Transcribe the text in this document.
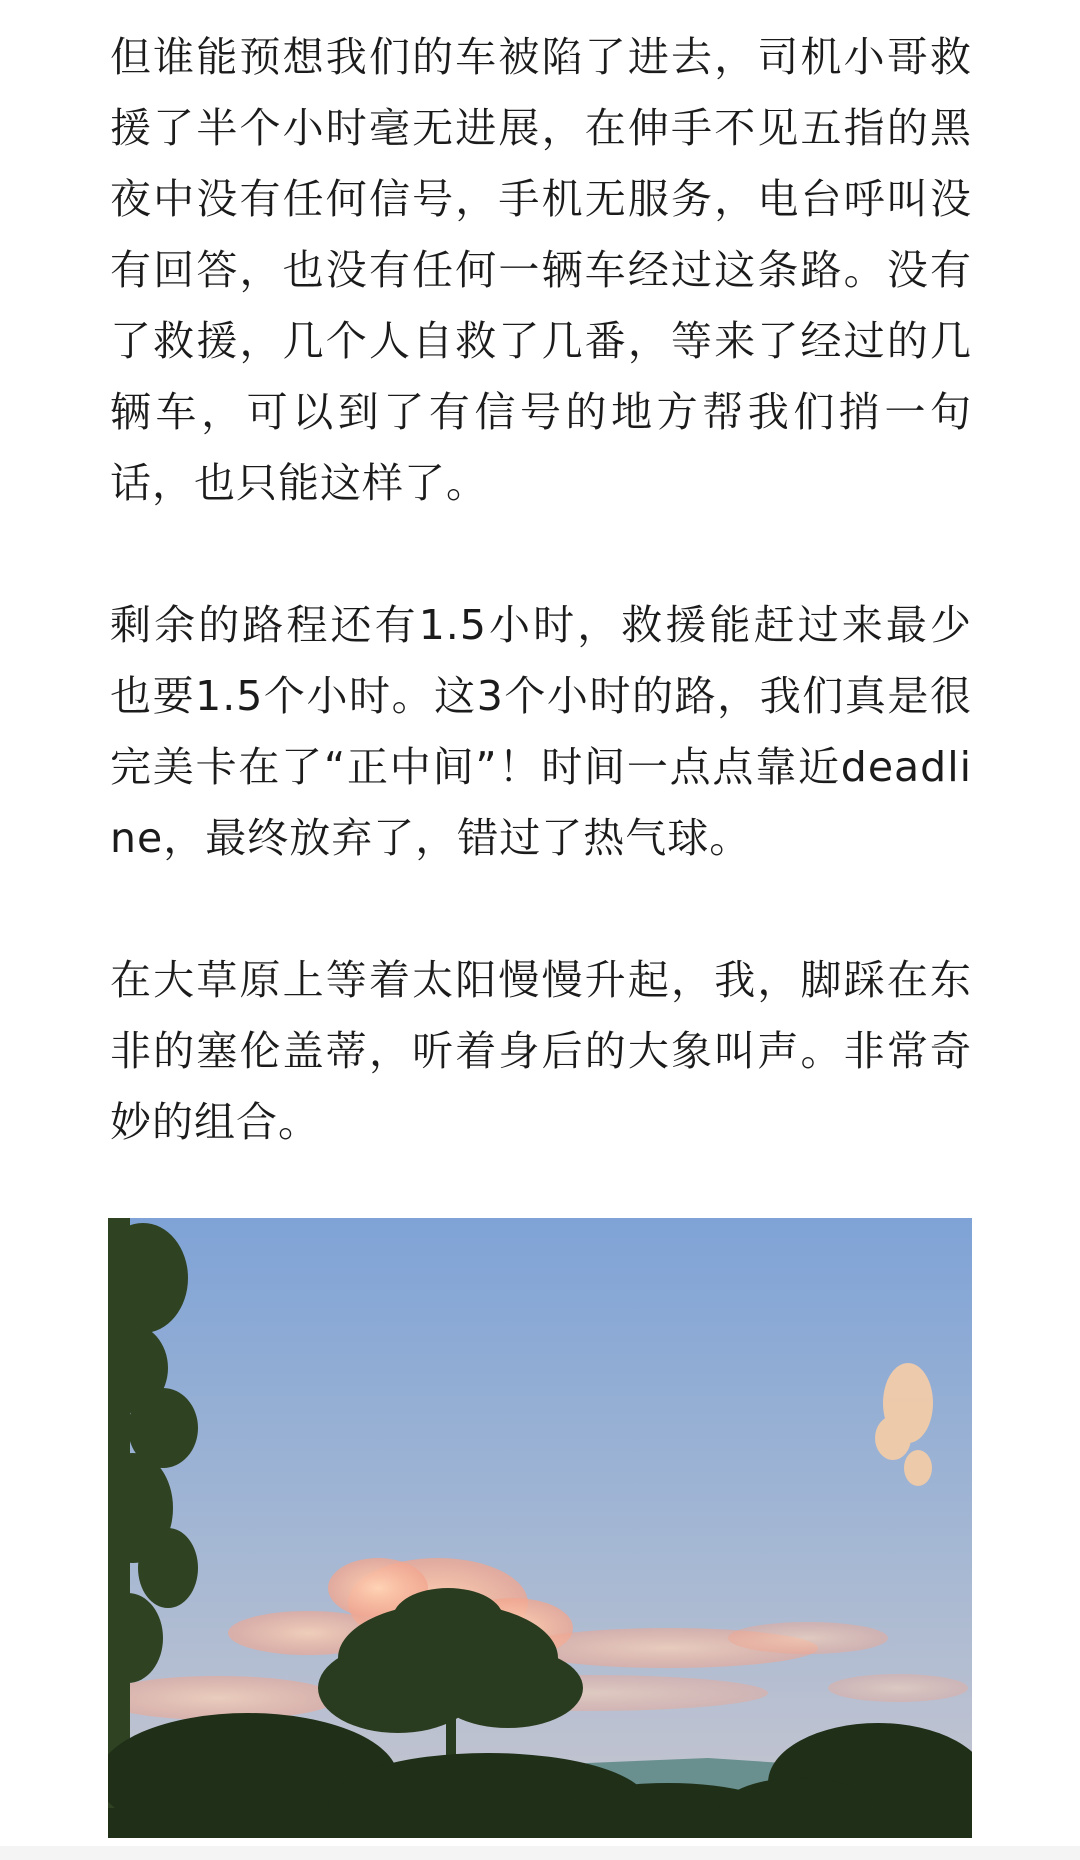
但谁能预想我们的车被陷了进去，司机小哥救援了半个小时毫无进展，在伸手不见五指的黑夜中没有任何信号，手机无服务，电台呼叫没有回答，也没有任何一辆车经过这条路。没有了救援，几个人自救了几番，等来了经过的几辆车，可以到了有信号的地方帮我们捎一句话，也只能这样了。

剩余的路程还有1.5小时，救援能赶过来最少也要1.5个小时。这3个小时的路，我们真是很完美卡在了“正中间”！时间一点点靠近deadline，最终放弃了，错过了热气球。

在大草原上等着太阳慢慢升起，我，脚踩在东非的塞伦盖蒂，听着身后的大象叫声。非常奇妙的组合。
